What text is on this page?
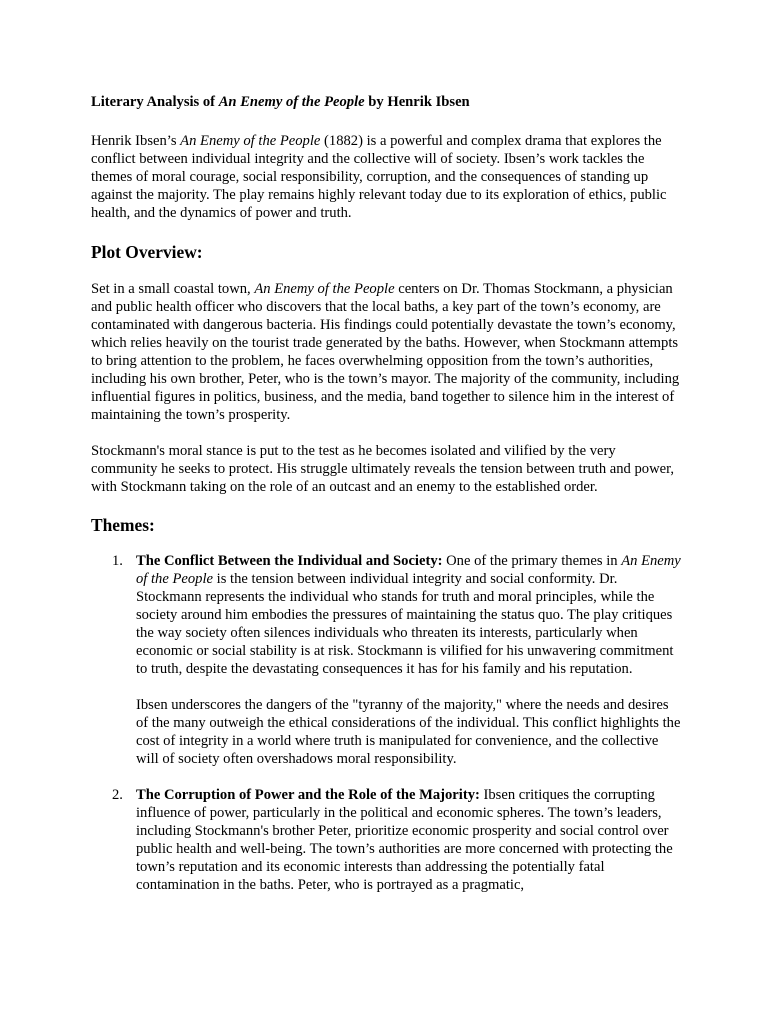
Literary Analysis of An Enemy of the People by Henrik Ibsen

Henrik Ibsen’s An Enemy of the People (1882) is a powerful and complex drama that explores the conflict between individual integrity and the collective will of society. Ibsen’s work tackles the themes of moral courage, social responsibility, corruption, and the consequences of standing up against the majority. The play remains highly relevant today due to its exploration of ethics, public health, and the dynamics of power and truth.

Plot Overview:

Set in a small coastal town, An Enemy of the People centers on Dr. Thomas Stockmann, a physician and public health officer who discovers that the local baths, a key part of the town’s economy, are contaminated with dangerous bacteria. His findings could potentially devastate the town’s economy, which relies heavily on the tourist trade generated by the baths. However, when Stockmann attempts to bring attention to the problem, he faces overwhelming opposition from the town’s authorities, including his own brother, Peter, who is the town’s mayor. The majority of the community, including influential figures in politics, business, and the media, band together to silence him in the interest of maintaining the town’s prosperity.

Stockmann's moral stance is put to the test as he becomes isolated and vilified by the very community he seeks to protect. His struggle ultimately reveals the tension between truth and power, with Stockmann taking on the role of an outcast and an enemy to the established order.

Themes:
1. The Conflict Between the Individual and Society: One of the primary themes in An Enemy of the People is the tension between individual integrity and social conformity. Dr. Stockmann represents the individual who stands for truth and moral principles, while the society around him embodies the pressures of maintaining the status quo. The play critiques the way society often silences individuals who threaten its interests, particularly when economic or social stability is at risk. Stockmann is vilified for his unwavering commitment to truth, despite the devastating consequences it has for his family and his reputation.

Ibsen underscores the dangers of the "tyranny of the majority," where the needs and desires of the many outweigh the ethical considerations of the individual. This conflict highlights the cost of integrity in a world where truth is manipulated for convenience, and the collective will of society often overshadows moral responsibility.

2. The Corruption of Power and the Role of the Majority: Ibsen critiques the corrupting influence of power, particularly in the political and economic spheres. The town’s leaders, including Stockmann's brother Peter, prioritize economic prosperity and social control over public health and well-being. The town’s authorities are more concerned with protecting the town’s reputation and its economic interests than addressing the potentially fatal contamination in the baths. Peter, who is portrayed as a pragmatic,
